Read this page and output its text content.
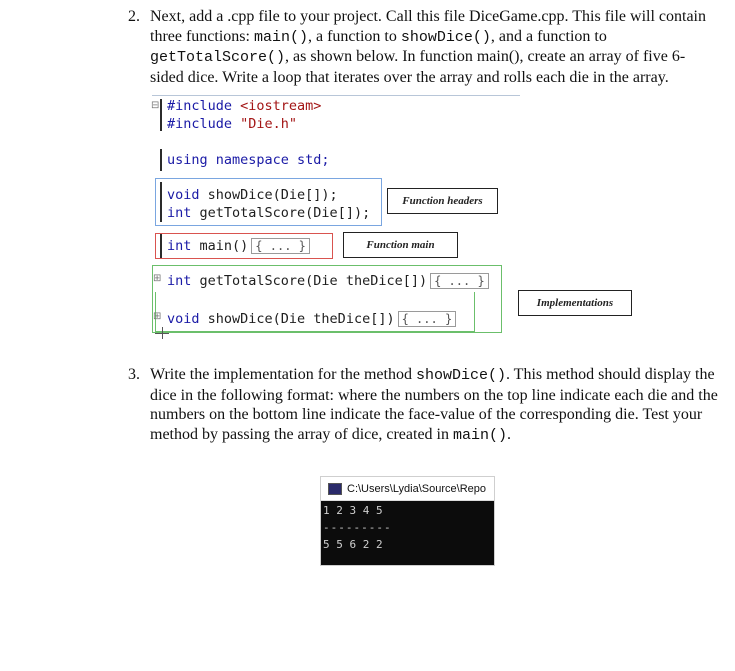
2. Next, add a .cpp file to your project. Call this file DiceGame.cpp. This file will contain
three functions: main(), a function to showDice(), and a function to
getTotalScore(), as shown below. In function main(), create an array of five 6-
sided dice. Write a loop that iterates over the array and rolls each die in the array.
⊟ #include <iostream>
#include "Die.h"
using namespace std;
void showDice(Die[]);
int getTotalScore(Die[]);
Function headers
int main() { ... }	Function main
⊞ int getTotalScore(Die theDice[]) { ... }
⊞ void showDice(Die theDice[]) { ... }
Implementations
3. Write the implementation for the method showDice(). This method should display the
dice in the following format: where the numbers on the top line indicate each die and the
numbers on the bottom line indicate the face-value of the corresponding die. Test your
method by passing the array of dice, created in main().
C:\Users\Lydia\Source\Repo
1 2 3 4 5
---------
5 5 6 2 2
